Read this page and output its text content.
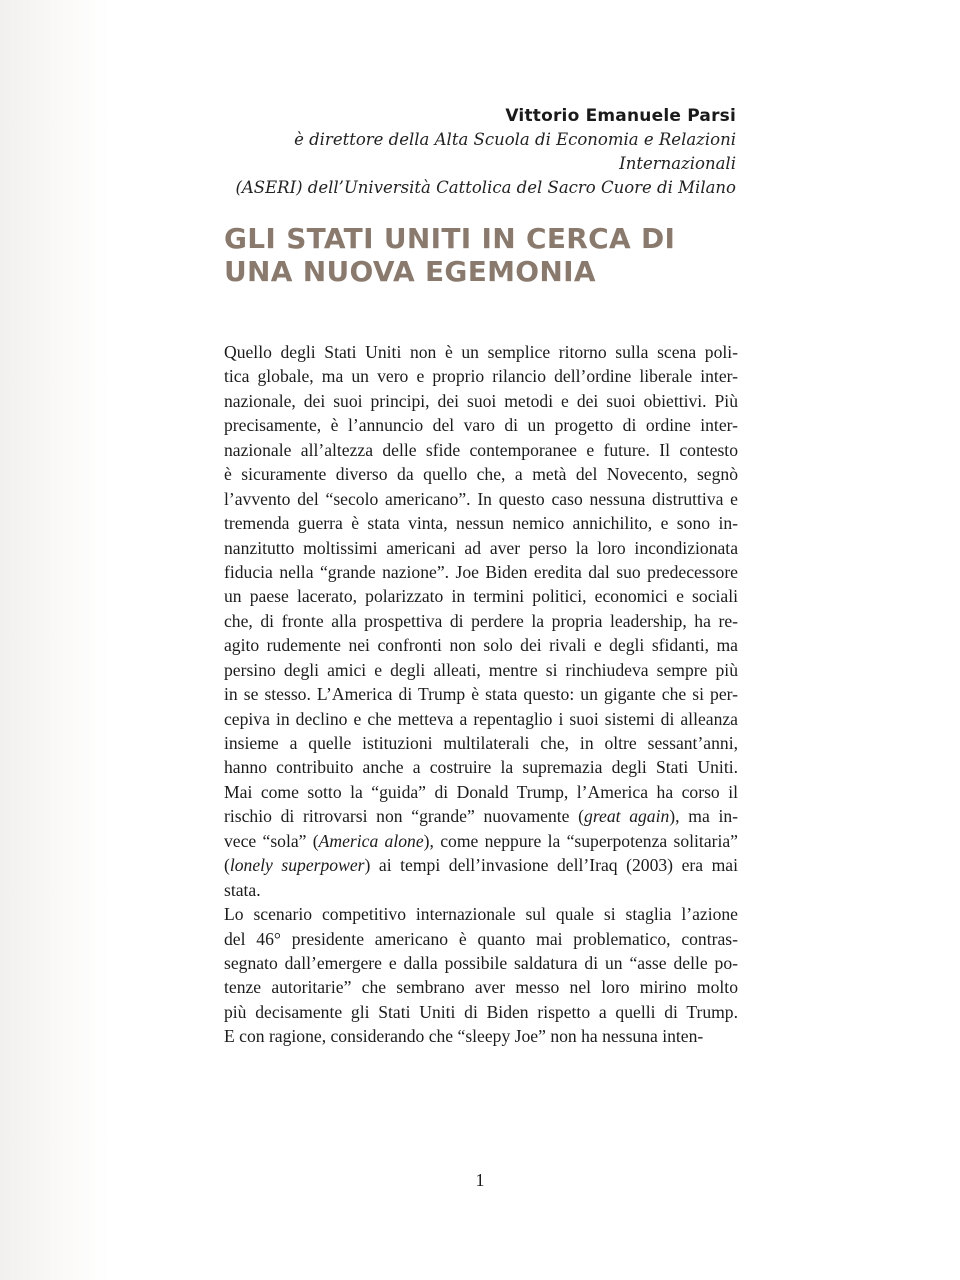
Vittorio Emanuele Parsi
è direttore della Alta Scuola di Economia e Relazioni Internazionali
(ASERI) dell’Università Cattolica del Sacro Cuore di Milano
GLI STATI UNITI IN CERCA DI
UNA NUOVA EGEMONIA
Quello degli Stati Uniti non è un semplice ritorno sulla scena poli-
tica globale, ma un vero e proprio rilancio dell’ordine liberale inter-
nazionale, dei suoi principi, dei suoi metodi e dei suoi obiettivi. Più
precisamente, è l’annuncio del varo di un progetto di ordine inter-
nazionale all’altezza delle sfide contemporanee e future. Il contesto
è sicuramente diverso da quello che, a metà del Novecento, segnò
l’avvento del “secolo americano”. In questo caso nessuna distruttiva e
tremenda guerra è stata vinta, nessun nemico annichilito, e sono in-
nanzitutto moltissimi americani ad aver perso la loro incondizionata
fiducia nella “grande nazione”. Joe Biden eredita dal suo predecessore
un paese lacerato, polarizzato in termini politici, economici e sociali
che, di fronte alla prospettiva di perdere la propria leadership, ha re-
agito rudemente nei confronti non solo dei rivali e degli sfidanti, ma
persino degli amici e degli alleati, mentre si rinchiudeva sempre più
in se stesso. L’America di Trump è stata questo: un gigante che si per-
cepiva in declino e che metteva a repentaglio i suoi sistemi di alleanza
insieme a quelle istituzioni multilaterali che, in oltre sessant’anni,
hanno contribuito anche a costruire la supremazia degli Stati Uniti.
Mai come sotto la “guida” di Donald Trump, l’America ha corso il
rischio di ritrovarsi non “grande” nuovamente (great again), ma in-
vece “sola” (America alone), come neppure la “superpotenza solitaria”
(lonely superpower) ai tempi dell’invasione dell’Iraq (2003) era mai
stata.
Lo scenario competitivo internazionale sul quale si staglia l’azione
del 46° presidente americano è quanto mai problematico, contras-
segnato dall’emergere e dalla possibile saldatura di un “asse delle po-
tenze autoritarie” che sembrano aver messo nel loro mirino molto
più decisamente gli Stati Uniti di Biden rispetto a quelli di Trump.
E con ragione, considerando che “sleepy Joe” non ha nessuna inten-
1
